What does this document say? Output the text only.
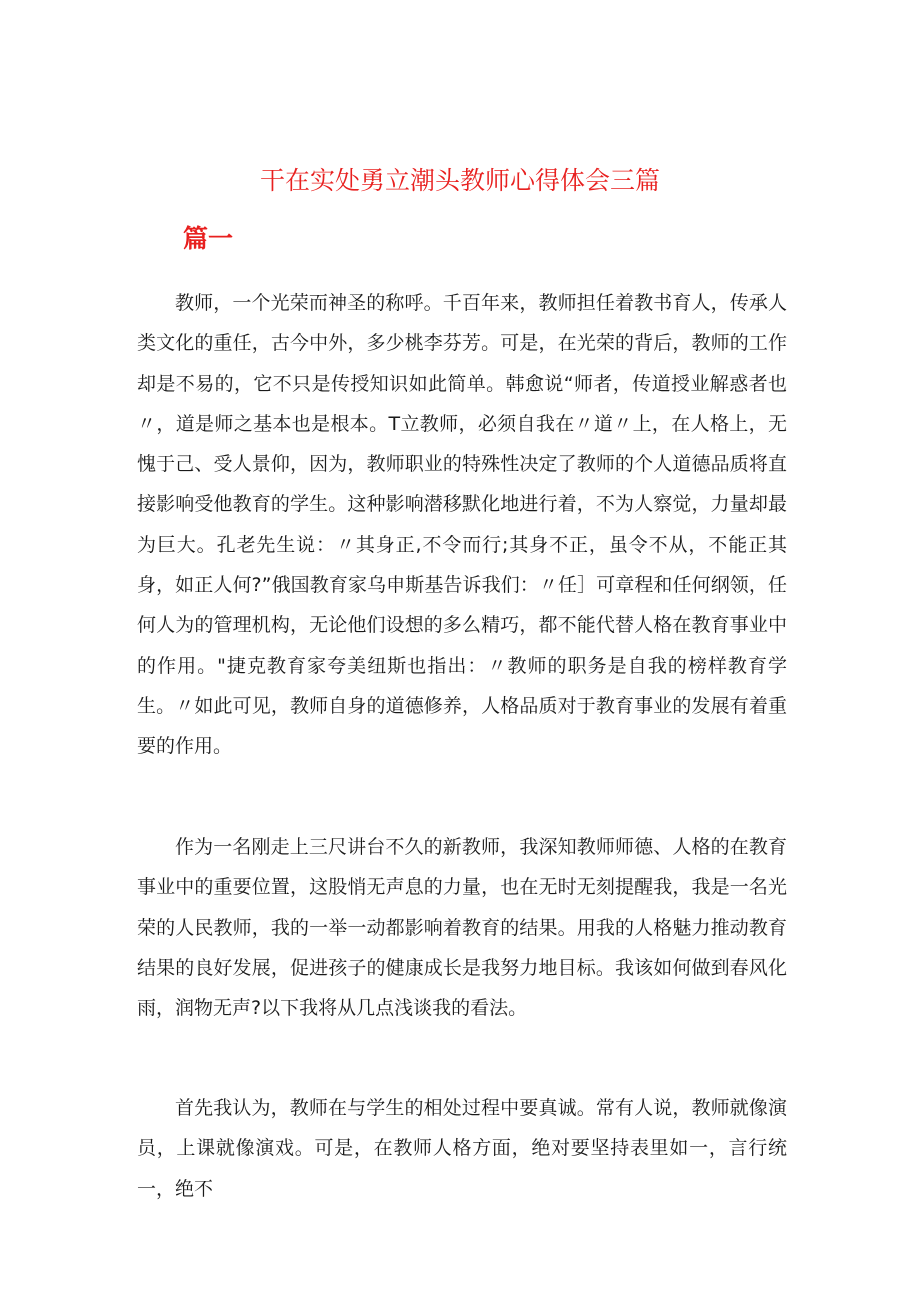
干在实处勇立潮头教师心得体会三篇
篇一

教师，一个光荣而神圣的称呼。千百年来，教师担任着教书育人，传承人类文化的重任，古今中外，多少桃李芬芳。可是，在光荣的背后，教师的工作却是不易的，它不只是传授知识如此简单。韩愈说“师者，传道授业解惑者也〃，道是师之基本也是根本。T立教师，必须自我在〃道〃上，在人格上，无愧于己、受人景仰，因为，教师职业的特殊性决定了教师的个人道德品质将直接影响受他教育的学生。这种影响潜移默化地进行着，不为人察觉，力量却最为巨大。孔老先生说：〃其身正,不令而行;其身不正，虽令不从，不能正其身，如正人何?”俄国教育家乌申斯基告诉我们：〃任］可章程和任何纲领，任何人为的管理机构，无论他们设想的多么精巧，都不能代替人格在教育事业中的作用。"捷克教育家夸美纽斯也指出：〃教师的职务是自我的榜样教育学生。〃如此可见，教师自身的道德修养，人格品质对于教育事业的发展有着重要的作用。

作为一名刚走上三尺讲台不久的新教师，我深知教师师德、人格的在教育事业中的重要位置，这股悄无声息的力量，也在无时无刻提醒我，我是一名光荣的人民教师，我的一举一动都影响着教育的结果。用我的人格魅力推动教育结果的良好发展，促进孩子的健康成长是我努力地目标。我该如何做到春风化雨，润物无声?以下我将从几点浅谈我的看法。

首先我认为，教师在与学生的相处过程中要真诚。常有人说，教师就像演员，上课就像演戏。可是，在教师人格方面，绝对要坚持表里如一，言行统一，绝不
